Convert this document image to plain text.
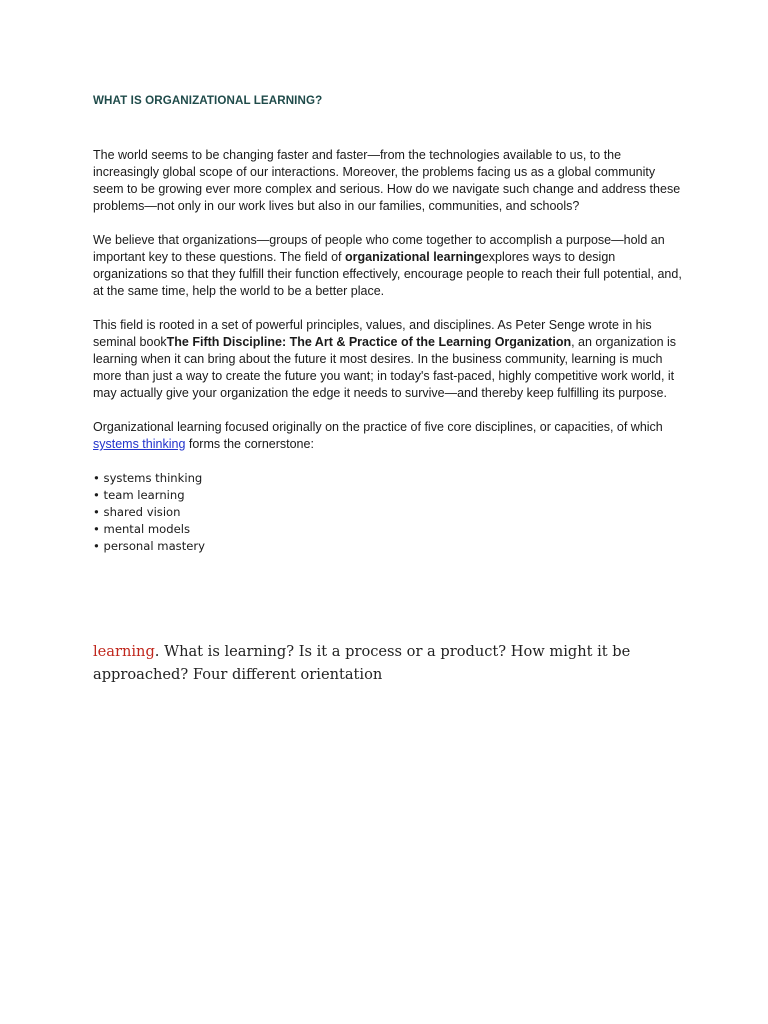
WHAT IS ORGANIZATIONAL LEARNING?

The world seems to be changing faster and faster—from the technologies available to us, to the increasingly global scope of our interactions. Moreover, the problems facing us as a global community seem to be growing ever more complex and serious. How do we navigate such change and address these problems—not only in our work lives but also in our families, communities, and schools?

We believe that organizations—groups of people who come together to accomplish a purpose—hold an important key to these questions. The field of organizational learningexplores ways to design organizations so that they fulfill their function effectively, encourage people to reach their full potential, and, at the same time, help the world to be a better place.

This field is rooted in a set of powerful principles, values, and disciplines. As Peter Senge wrote in his seminal bookThe Fifth Discipline: The Art & Practice of the Learning Organization, an organization is learning when it can bring about the future it most desires. In the business community, learning is much more than just a way to create the future you want; in today's fast-paced, highly competitive work world, it may actually give your organization the edge it needs to survive—and thereby keep fulfilling its purpose.

Organizational learning focused originally on the practice of five core disciplines, or capacities, of which systems thinking forms the cornerstone:

• systems thinking
• team learning
• shared vision
• mental models
• personal mastery
learning. What is learning? Is it a process or a product? How might it be approached? Four different orientation
